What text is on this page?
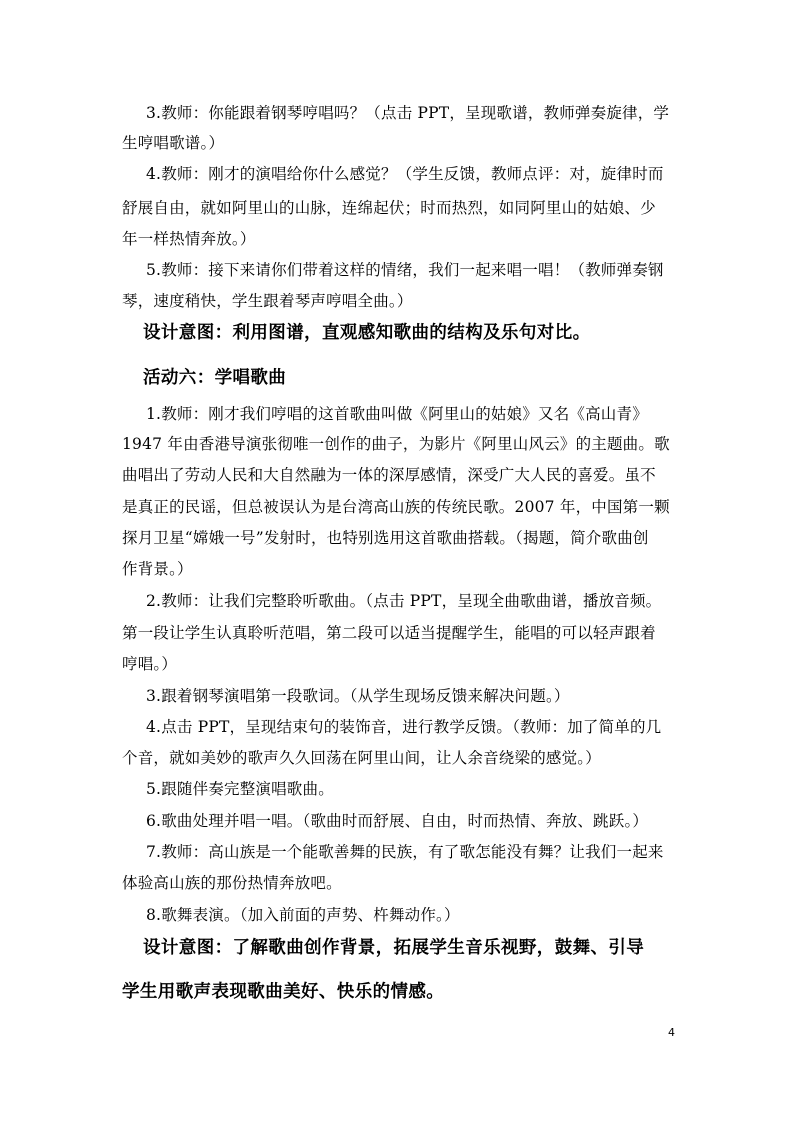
3.教师：你能跟着钢琴哼唱吗？（点击 PPT，呈现歌谱，教师弹奏旋律，学
生哼唱歌谱。）
4.教师：刚才的演唱给你什么感觉？（学生反馈，教师点评：对，旋律时而
舒展自由，就如阿里山的山脉，连绵起伏；时而热烈，如同阿里山的姑娘、少
年一样热情奔放。）
5.教师：接下来请你们带着这样的情绪，我们一起来唱一唱！（教师弹奏钢
琴，速度稍快，学生跟着琴声哼唱全曲。）
设计意图：利用图谱，直观感知歌曲的结构及乐句对比。
活动六：学唱歌曲
1.教师：刚才我们哼唱的这首歌曲叫做《阿里山的姑娘》又名《高山青》
1947 年由香港导演张彻唯一创作的曲子，为影片《阿里山风云》的主题曲。歌
曲唱出了劳动人民和大自然融为一体的深厚感情，深受广大人民的喜爱。虽不
是真正的民谣，但总被误认为是台湾高山族的传统民歌。2007 年，中国第一颗
探月卫星“嫦娥一号”发射时，也特别选用这首歌曲搭载。（揭题，简介歌曲创
作背景。）
2.教师：让我们完整聆听歌曲。（点击 PPT，呈现全曲歌曲谱，播放音频。
第一段让学生认真聆听范唱，第二段可以适当提醒学生，能唱的可以轻声跟着
哼唱。）
3.跟着钢琴演唱第一段歌词。（从学生现场反馈来解决问题。）
4.点击 PPT，呈现结束句的装饰音，进行教学反馈。（教师：加了简单的几
个音，就如美妙的歌声久久回荡在阿里山间，让人余音绕梁的感觉。）
5.跟随伴奏完整演唱歌曲。
6.歌曲处理并唱一唱。（歌曲时而舒展、自由，时而热情、奔放、跳跃。）
7.教师：高山族是一个能歌善舞的民族，有了歌怎能没有舞？让我们一起来
体验高山族的那份热情奔放吧。
8.歌舞表演。（加入前面的声势、杵舞动作。）
设计意图：了解歌曲创作背景，拓展学生音乐视野，鼓舞、引导
学生用歌声表现歌曲美好、快乐的情感。
4
